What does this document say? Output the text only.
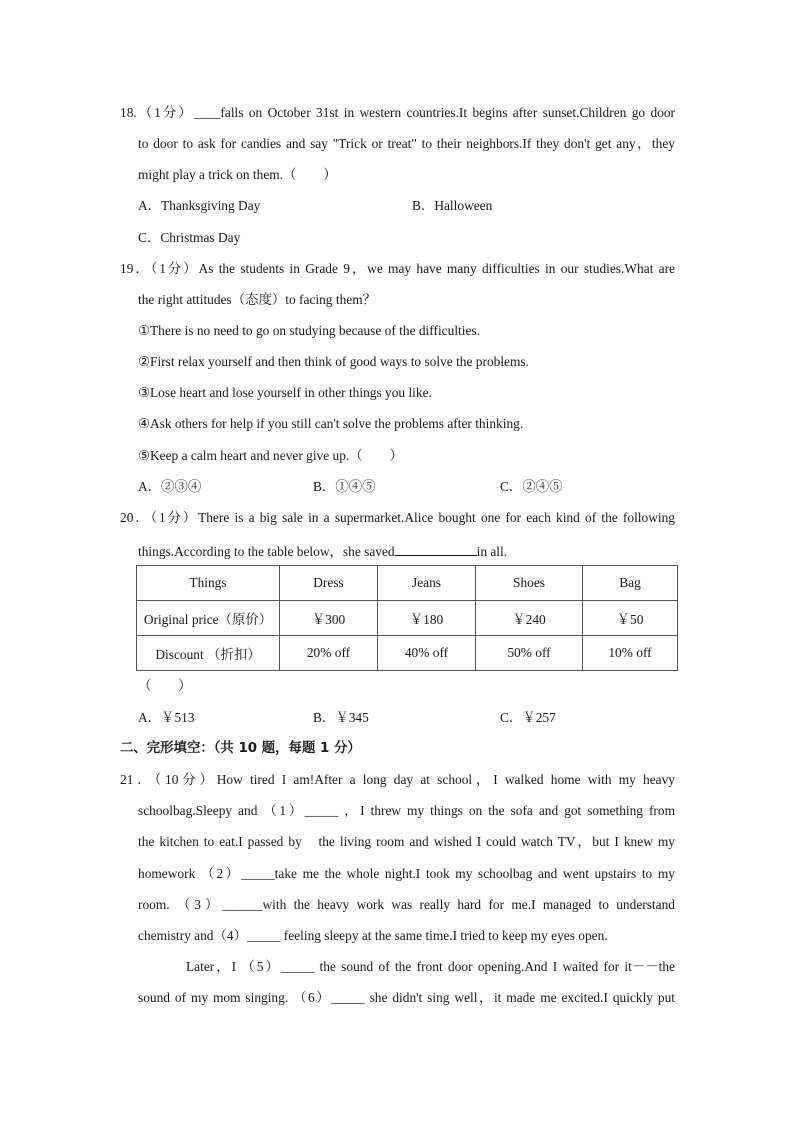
18.（1分）____falls on October 31st in western countries.It begins after sunset.Children go door
to door to ask for candies and say "Trick or treat" to their neighbors.If they don't get any，they
might play a trick on them.（　　）
A．Thanksgiving Day	B．Halloween
C．Christmas Day
19．（1分）As the students in Grade 9，we may have many difficulties in our studies.What are
the right attitudes（态度）to facing them？
①There is no need to go on studying because of the difficulties.
②First relax yourself and then think of good ways to solve the problems.
③Lose heart and lose yourself in other things you like.
④Ask others for help if you still can't solve the problems after thinking.
⑤Keep a calm heart and never give up.（　　）
A．②③④	B．①④⑤	C．②④⑤
20．（1分）There is a big sale in a supermarket.Alice bought one for each kind of the following
things.According to the table below，she saved	in all.
Things	Dress	Jeans	Shoes	Bag
Original price（原价）	￥300	￥180	￥240	￥50
Discount （折扣）	20% off	40% off	50% off	10% off
（　　）
A．￥513	B．￥345	C．￥257
二、完形填空：（共 10 题，每题 1 分）
21．（10分）How tired I am!After a long day at school，I walked home with my heavy
schoolbag.Sleepy and （1）_____ ，I threw my things on the sofa and got something from
the kitchen to eat.I passed by　the living room and wished I could watch TV，but I knew my
homework （2）_____take me the whole night.I took my schoolbag and went upstairs to my
room. （3）______with the heavy work was really hard for me.I managed to understand
chemistry and（4）_____ feeling sleepy at the same time.I tried to keep my eyes open.
Later，I （5）_____ the sound of the front door opening.And I waited for it－－the
sound of my mom singing. （6）_____ she didn't sing well，it made me excited.I quickly put
